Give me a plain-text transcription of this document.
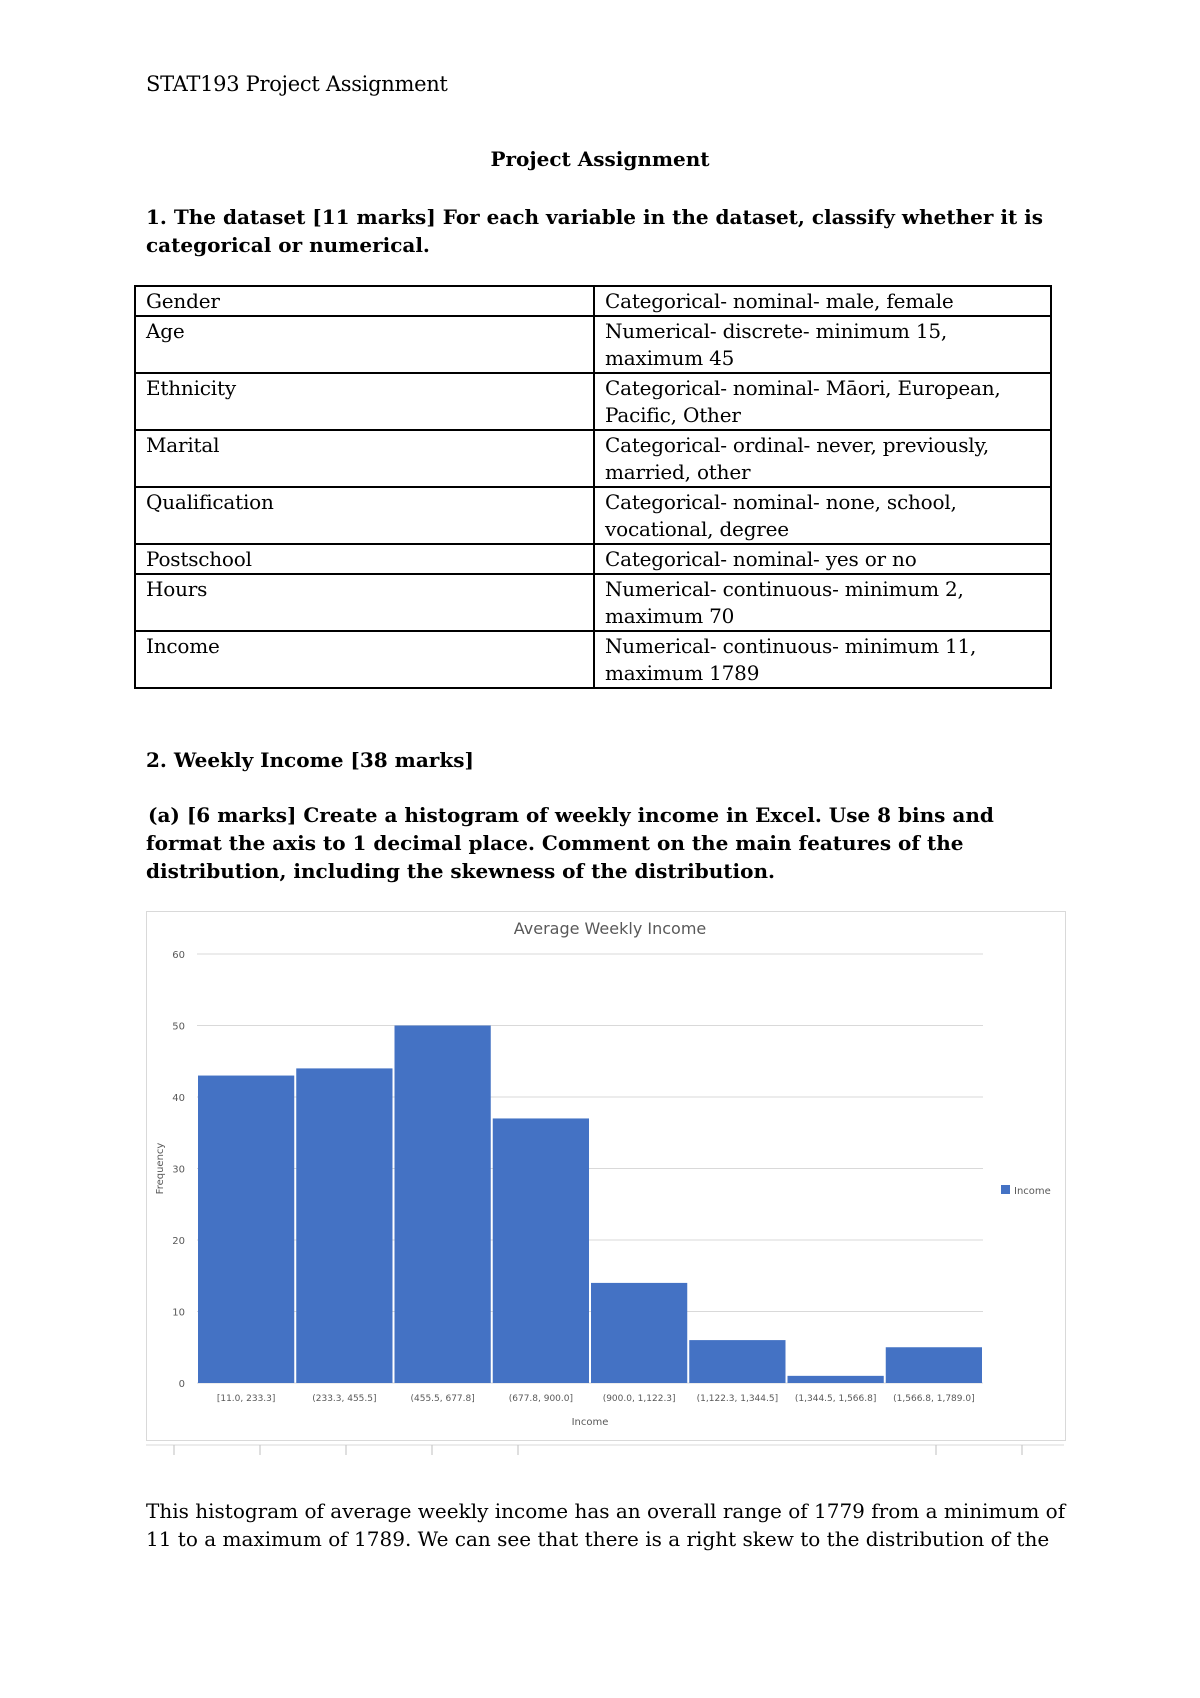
STAT193 Project Assignment
Project Assignment
1. The dataset [11 marks] For each variable in the dataset, classify whether it is categorical or numerical.
Gender	Categorical- nominal- male, female
Age	Numerical- discrete- minimum 15, maximum 45
Ethnicity	Categorical- nominal- Māori, European, Pacific, Other
Marital	Categorical- ordinal- never, previously, married, other
Qualification	Categorical- nominal- none, school, vocational, degree
Postschool	Categorical- nominal- yes or no
Hours	Numerical- continuous- minimum 2, maximum 70
Income	Numerical- continuous- minimum 11, maximum 1789
2. Weekly Income [38 marks]
(a) [6 marks] Create a histogram of weekly income in Excel. Use 8 bins and format the axis to 1 decimal place. Comment on the main features of the distribution, including the skewness of the distribution.
Average Weekly Income
0
10
20
30
40
50
60
Frequency
[11.0, 233.3]	(233.3, 455.5]	(455.5, 677.8]	(677.8, 900.0]	(900.0, 1,122.3] (1,122.3, 1,344.5] (1,344.5, 1,566.8] (1,566.8, 1,789.0]
Income
Income
This histogram of average weekly income has an overall range of 1779 from a minimum of 11 to a maximum of 1789. We can see that there is a right skew to the distribution of the
